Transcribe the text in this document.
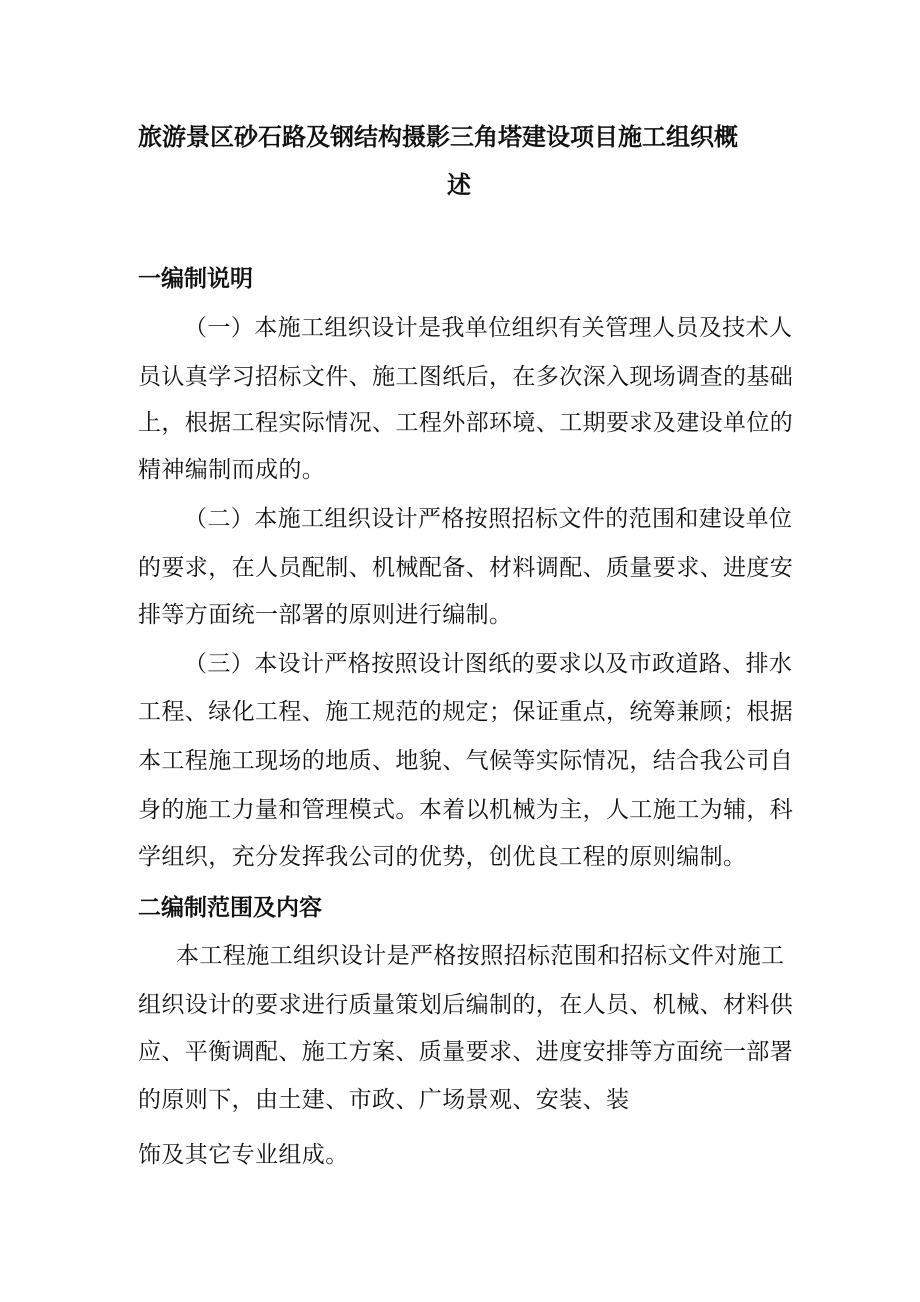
旅游景区砂石路及钢结构摄影三角塔建设项目施工组织概
述
一编制说明
（一）本施工组织设计是我单位组织有关管理人员及技术人
员认真学习招标文件、施工图纸后，在多次深入现场调查的基础
上，根据工程实际情况、工程外部环境、工期要求及建设单位的
精神编制而成的。
（二）本施工组织设计严格按照招标文件的范围和建设单位
的要求，在人员配制、机械配备、材料调配、质量要求、进度安
排等方面统一部署的原则进行编制。
（三）本设计严格按照设计图纸的要求以及市政道路、排水
工程、绿化工程、施工规范的规定；保证重点，统筹兼顾；根据
本工程施工现场的地质、地貌、气候等实际情况，结合我公司自
身的施工力量和管理模式。本着以机械为主，人工施工为辅，科
学组织，充分发挥我公司的优势，创优良工程的原则编制。
二编制范围及内容
本工程施工组织设计是严格按照招标范围和招标文件对施工
组织设计的要求进行质量策划后编制的，在人员、机械、材料供
应、平衡调配、施工方案、质量要求、进度安排等方面统一部署
的原则下，由土建、市政、广场景观、安装、装
饰及其它专业组成。
